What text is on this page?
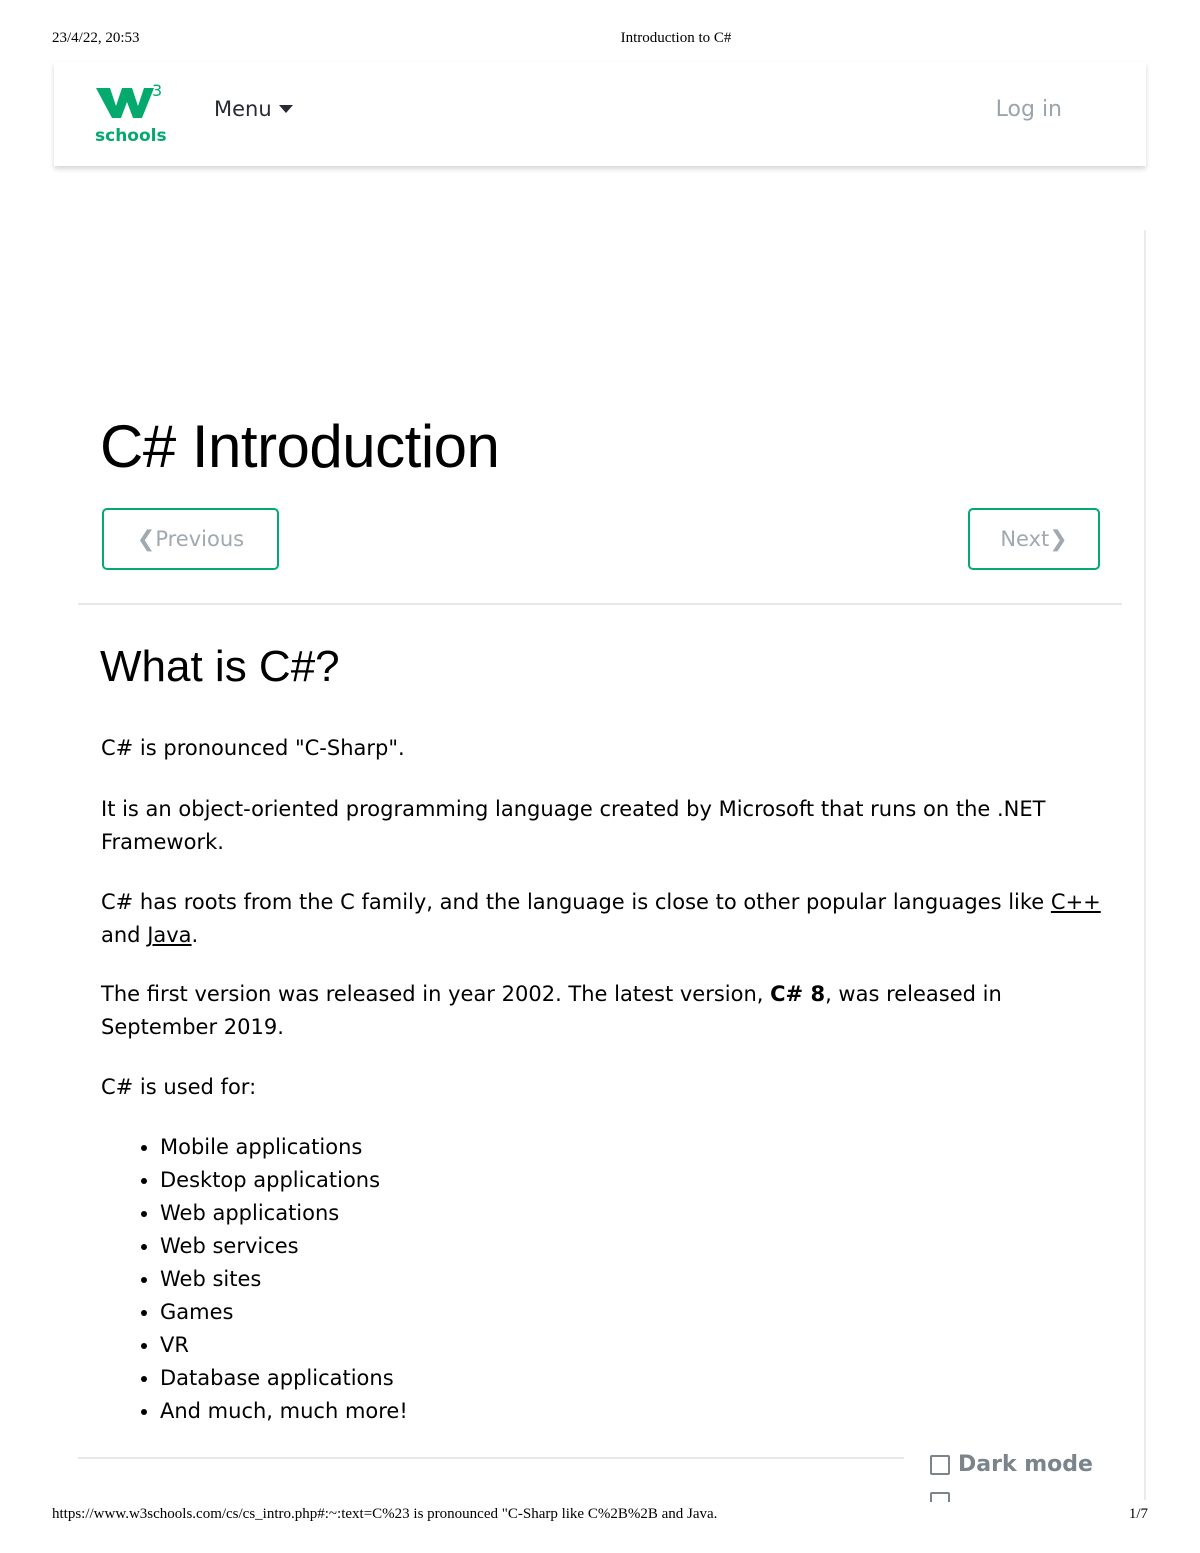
23/4/22, 20:53	Introduction to C#
3
schools
Menu	Log in
C# Introduction
❮ Previous	Next ❯
What is C#?

C# is pronounced "C-Sharp".

It is an object-oriented programming language created by Microsoft that runs on the .NET Framework.

C# has roots from the C family, and the language is close to other popular languages like C++ and Java.

The first version was released in year 2002. The latest version, C# 8, was released in September 2019.

C# is used for:

• Mobile applications
• Desktop applications
• Web applications
• Web services
• Web sites
• Games
• VR
• Database applications
• And much, much more!
Dark mode
https://www.w3schools.com/cs/cs_intro.php#:~:text=C%23 is pronounced "C-Sharp like C%2B%2B and Java.	1/7
